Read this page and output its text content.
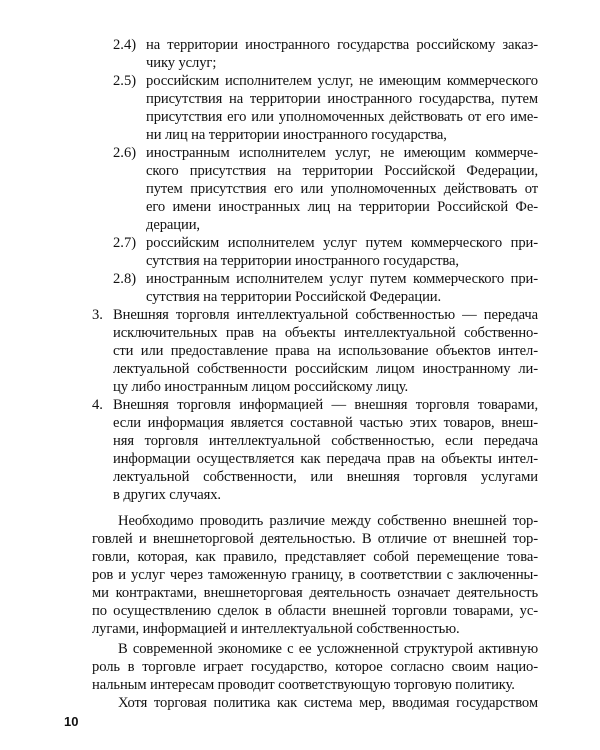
2.4) на территории иностранного государства российскому заказ-
чику услуг;
2.5) российским исполнителем услуг, не имеющим коммерческого
присутствия на территории иностранного государства, путем
присутствия его или уполномоченных действовать от его име-
ни лиц на территории иностранного государства,
2.6) иностранным исполнителем услуг, не имеющим коммерче-
ского присутствия на территории Российской Федерации,
путем присутствия его или уполномоченных действовать от
его имени иностранных лиц на территории Российской Фе-
дерации,
2.7) российским исполнителем услуг путем коммерческого при-
сутствия на территории иностранного государства,
2.8) иностранным исполнителем услуг путем коммерческого при-
сутствия на территории Российской Федерации.
3. Внешняя торговля интеллектуальной собственностью — передача
исключительных прав на объекты интеллектуальной собственно-
сти или предоставление права на использование объектов интел-
лектуальной собственности российским лицом иностранному ли-
цу либо иностранным лицом российскому лицу.
4. Внешняя торговля информацией — внешняя торговля товарами,
если информация является составной частью этих товаров, внеш-
няя торговля интеллектуальной собственностью, если передача
информации осуществляется как передача прав на объекты интел-
лектуальной собственности, или внешняя торговля услугами
в других случаях.
Необходимо проводить различие между собственно внешней тор-
говлей и внешнеторговой деятельностью. В отличие от внешней тор-
говли, которая, как правило, представляет собой перемещение това-
ров и услуг через таможенную границу, в соответствии с заключенны-
ми контрактами, внешнеторговая деятельность означает деятельность
по осуществлению сделок в области внешней торговли товарами, ус-
лугами, информацией и интеллектуальной собственностью.
В современной экономике с ее усложненной структурой активную
роль в торговле играет государство, которое согласно своим нацио-
нальным интересам проводит соответствующую торговую политику.
Хотя торговая политика как система мер, вводимая государством
10
